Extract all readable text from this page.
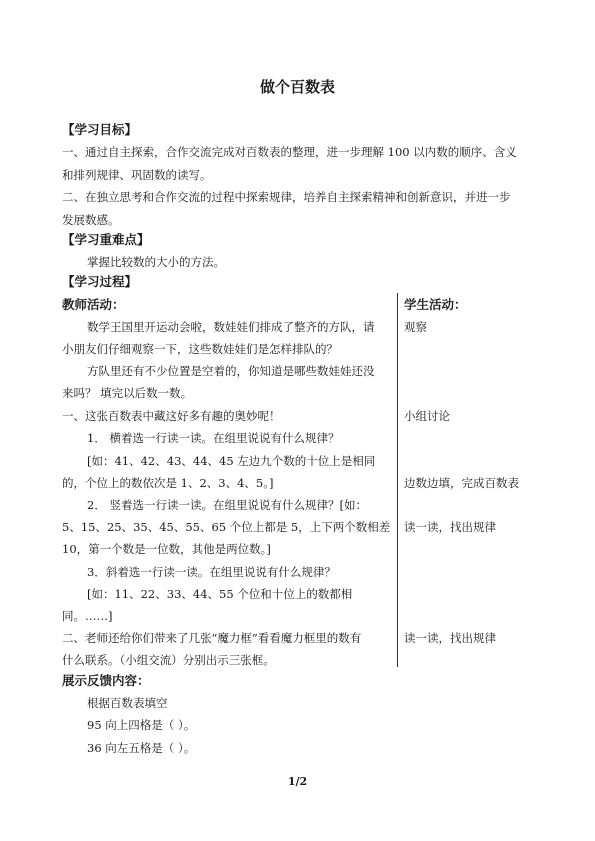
做个百数表
【学习目标】
一、通过自主探索，合作交流完成对百数表的整理，进一步理解 100 以内数的顺序、含义
和排列规律、巩固数的读写。
二、在独立思考和合作交流的过程中探索规律，培养自主探索精神和创新意识，并进一步
发展数感。
【学习重难点】
掌握比较数的大小的方法。
【学习过程】
教师活动：	学生活动：
数学王国里开运动会啦，数娃娃们排成了整齐的方队，请
小朋友们仔细观察一下，这些数娃娃们是怎样排队的？
方队里还有不少位置是空着的，你知道是哪些数娃娃还没
来吗？ 填完以后数一数。
一、这张百数表中藏这好多有趣的奥妙呢！
1． 横着选一行读一读。在组里说说有什么规律？
[如：41、42、43、44、45 左边九个数的十位上是相同
的，个位上的数依次是 1、2、3、4、5。]
2． 竖着选一行读一读。在组里说说有什么规律？[如：
5、15、25、35、45、55、65 个位上都是 5，上下两个数相差
10，第一个数是一位数，其他是两位数。]
3．斜着选一行读一读。在组里说说有什么规律？
[如：11、22、33、44、55 个位和十位上的数都相
同。……]
二、老师还给你们带来了几张“魔力框”看看魔力框里的数有
什么联系。（小组交流）分别出示三张框。
观察
小组讨论
边数边填，完成百数表
读一读，找出规律
读一读，找出规律
展示反馈内容：
根据百数表填空
95 向上四格是（ ）。
36 向左五格是（ ）。
1/2
